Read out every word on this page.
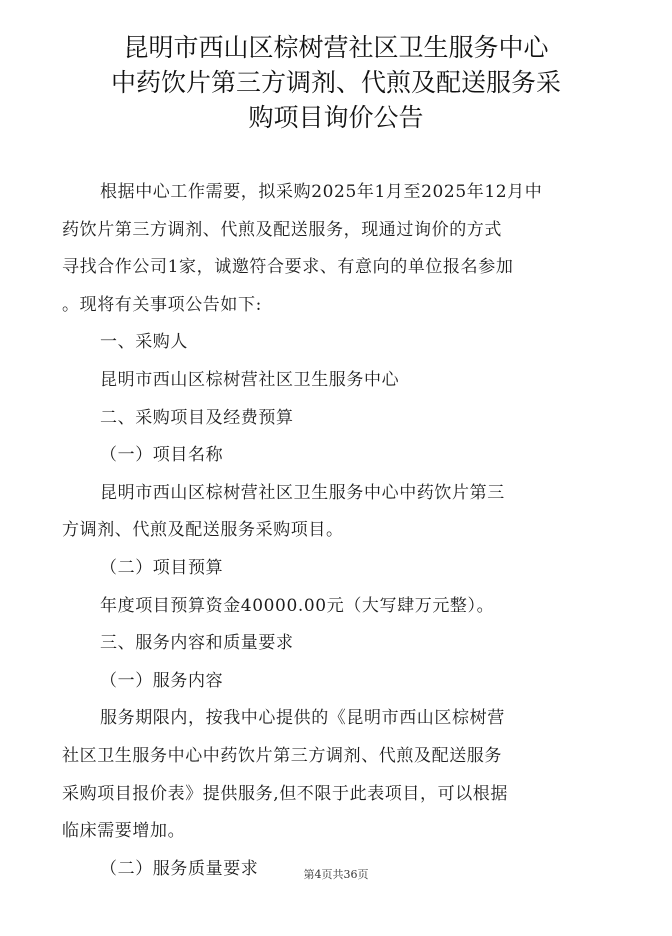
昆明市西山区棕树营社区卫生服务中心
中药饮片第三方调剂、代煎及配送服务采
购项目询价公告

根据中心工作需要，拟采购2025年1月至2025年12月中

药饮片第三方调剂、代煎及配送服务，现通过询价的方式

寻找合作公司1家，诚邀符合要求、有意向的单位报名参加

。现将有关事项公告如下:

一、采购人

昆明市西山区棕树营社区卫生服务中心

二、采购项目及经费预算

（一）项目名称

昆明市西山区棕树营社区卫生服务中心中药饮片第三

方调剂、代煎及配送服务采购项目。

（二）项目预算

年度项目预算资金40000.00元（大写肆万元整）。

三、服务内容和质量要求

（一）服务内容

服务期限内，按我中心提供的《昆明市西山区棕树营

社区卫生服务中心中药饮片第三方调剂、代煎及配送服务

采购项目报价表》提供服务,但不限于此表项目，可以根据

临床需要增加。

（二）服务质量要求	第4页共36页
